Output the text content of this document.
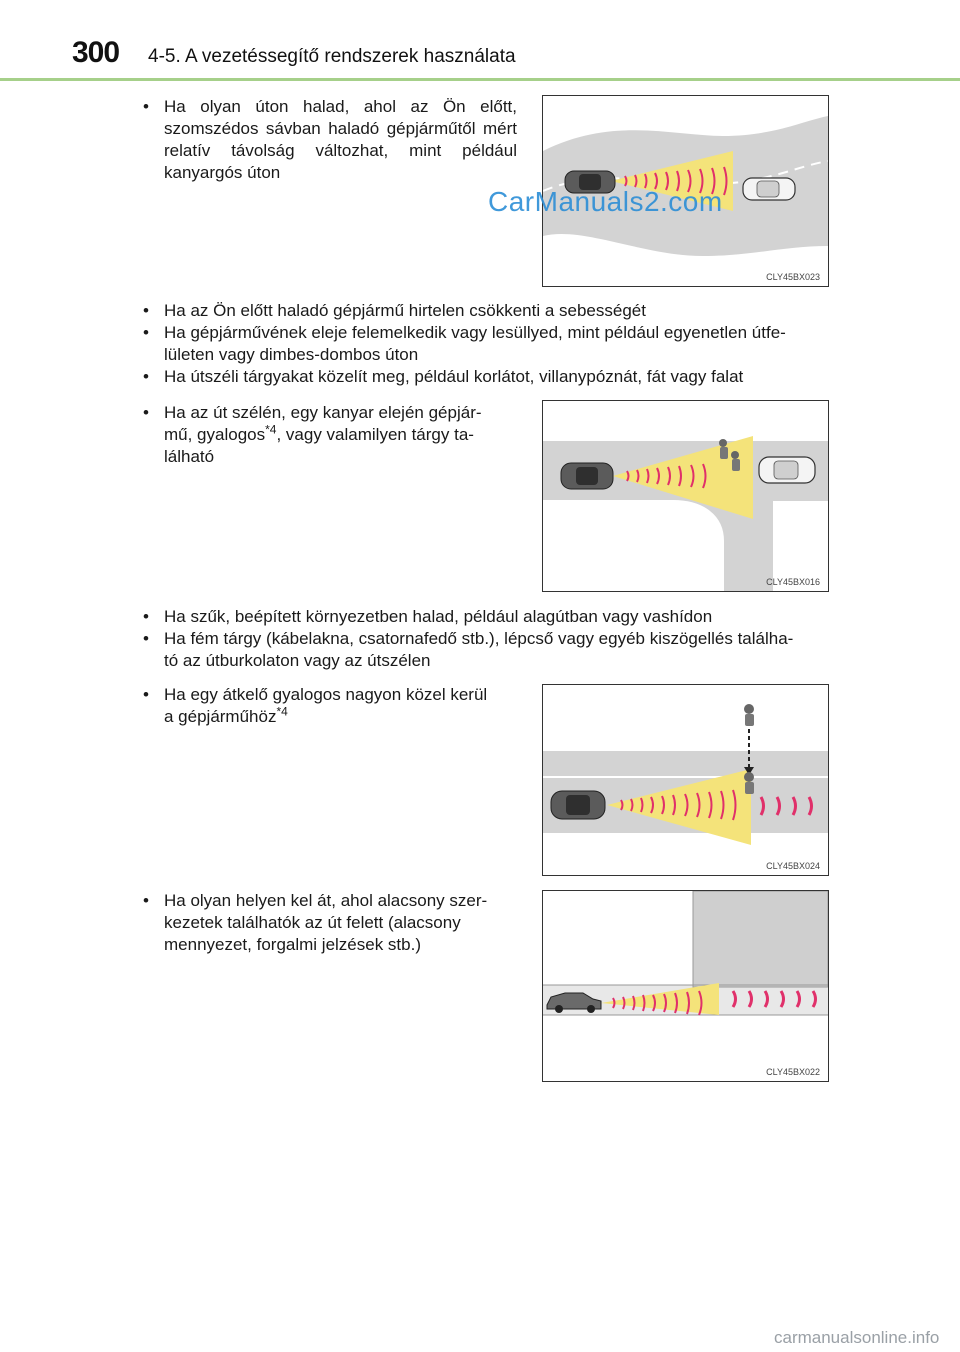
300 4-5. A vezetéssegítő rendszerek használata
• Ha olyan úton halad, ahol az Ön előtt, szomszédos sávban haladó gépjárműtől mért relatív távolság változhat, mint például kanyargós úton
CLY45BX023
CarManuals2.com
• Ha az Ön előtt haladó gépjármű hirtelen csökkenti a sebességét
• Ha gépjárművének eleje felemelkedik vagy lesüllyed, mint például egyenetlen útfe-
lületen vagy dimbes-dombos úton
• Ha útszéli tárgyakat közelít meg, például korlátot, villanypóznát, fát vagy falat
• Ha az út szélén, egy kanyar elején gépjár-
mű, gyalogos$^{*4}$, vagy valamilyen tárgy ta-
lálható
CLY45BX016
• Ha szűk, beépített környezetben halad, például alagútban vagy vashídon
• Ha fém tárgy (kábelakna, csatornafedő stb.), lépcső vagy egyéb kiszögellés találha-
tó az útburkolaton vagy az útszélen
• Ha egy átkelő gyalogos nagyon közel kerül
a gépjárműhöz$^{*4}$
CLY45BX024
• Ha olyan helyen kel át, ahol alacsony szer-
kezetek találhatók az út felett (alacsony
mennyezet, forgalmi jelzések stb.)
CLY45BX022
carmanualsonline.info
